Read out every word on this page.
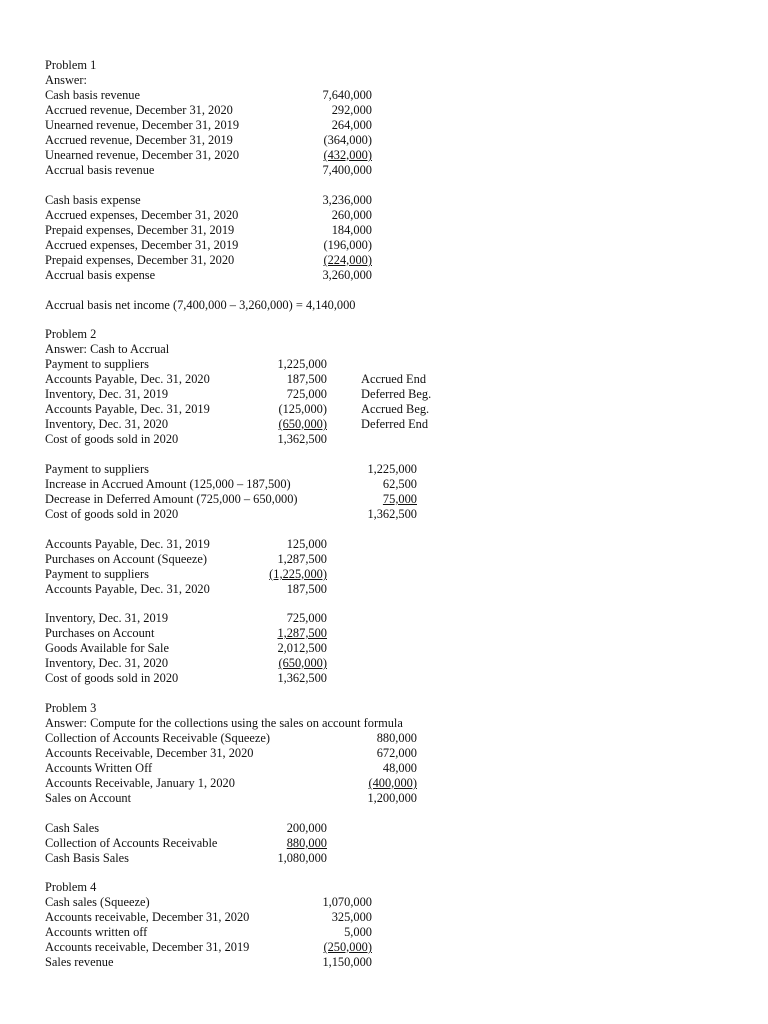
Problem 1
Answer:
Cash basis revenue	7,640,000
Accrued revenue, December 31, 2020	292,000
Unearned revenue, December 31, 2019	264,000
Accrued revenue, December 31, 2019	(364,000)
Unearned revenue, December 31, 2020	(432,000)
Accrual basis revenue	7,400,000
Cash basis expense	3,236,000
Accrued expenses, December 31, 2020	260,000
Prepaid expenses, December 31, 2019	184,000
Accrued expenses, December 31, 2019	(196,000)
Prepaid expenses, December 31, 2020	(224,000)
Accrual basis expense	3,260,000
Accrual basis net income (7,400,000 – 3,260,000) = 4,140,000
Problem 2
Answer: Cash to Accrual
Payment to suppliers	1,225,000
Accounts Payable, Dec. 31, 2020	187,500	Accrued End
Inventory, Dec. 31, 2019	725,000	Deferred Beg.
Accounts Payable, Dec. 31, 2019	(125,000)	Accrued Beg.
Inventory, Dec. 31, 2020	(650,000)	Deferred End
Cost of goods sold in 2020	1,362,500
Payment to suppliers	1,225,000
Increase in Accrued Amount (125,000 – 187,500)	62,500
Decrease in Deferred Amount (725,000 – 650,000)	75,000
Cost of goods sold in 2020	1,362,500
Accounts Payable, Dec. 31, 2019	125,000
Purchases on Account (Squeeze)	1,287,500
Payment to suppliers	(1,225,000)
Accounts Payable, Dec. 31, 2020	187,500
Inventory, Dec. 31, 2019	725,000
Purchases on Account	1,287,500
Goods Available for Sale	2,012,500
Inventory, Dec. 31, 2020	(650,000)
Cost of goods sold in 2020	1,362,500
Problem 3
Answer: Compute for the collections using the sales on account formula
Collection of Accounts Receivable (Squeeze)	880,000
Accounts Receivable, December 31, 2020	672,000
Accounts Written Off	48,000
Accounts Receivable, January 1, 2020	(400,000)
Sales on Account	1,200,000
Cash Sales	200,000
Collection of Accounts Receivable	880,000
Cash Basis Sales	1,080,000
Problem 4
Cash sales (Squeeze)	1,070,000
Accounts receivable, December 31, 2020	325,000
Accounts written off	5,000
Accounts receivable, December 31, 2019	(250,000)
Sales revenue	1,150,000
